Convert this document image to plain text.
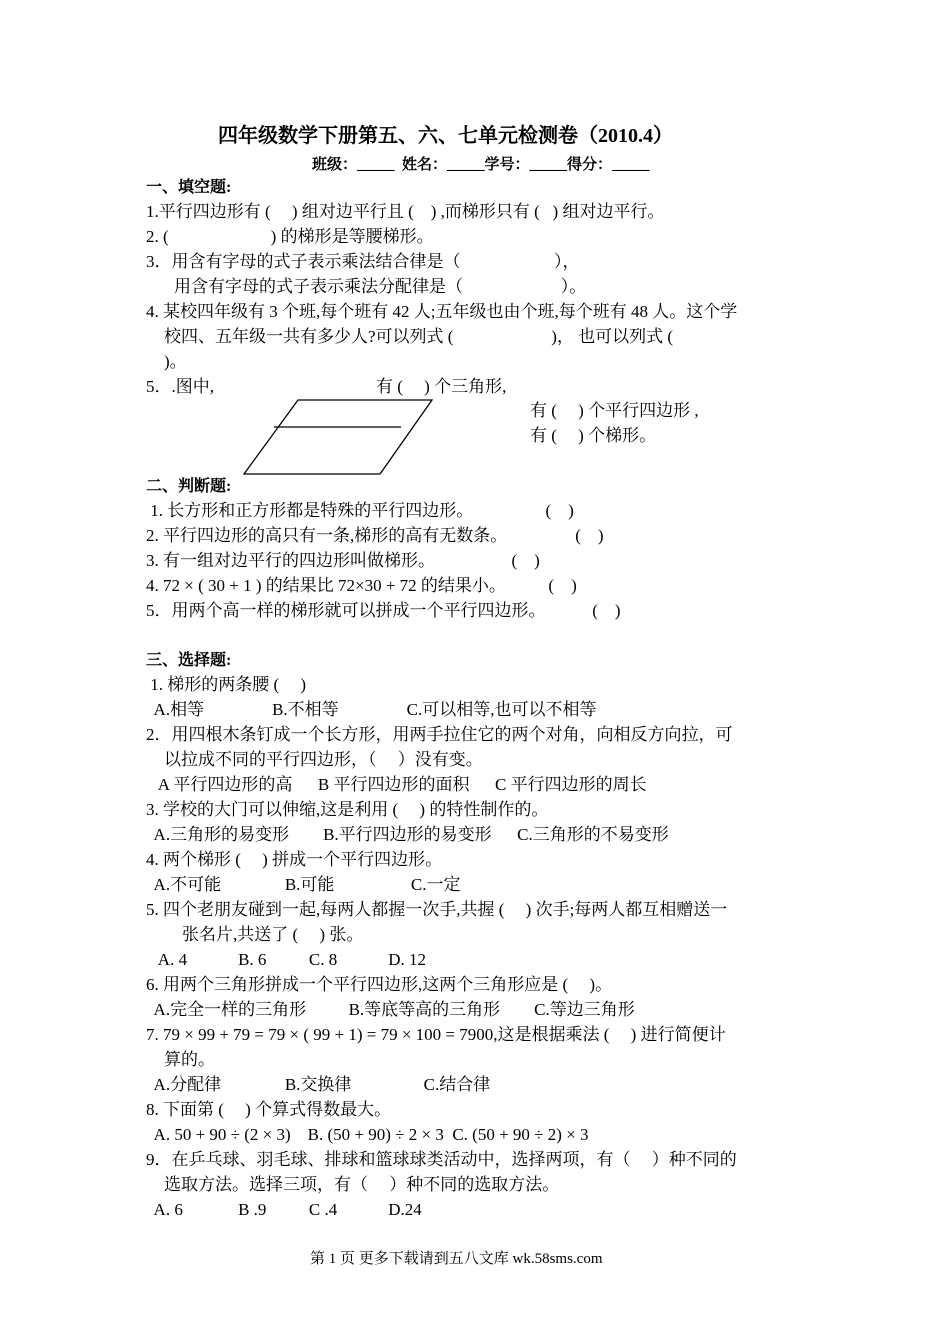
四年级数学下册第五、六、七单元检测卷（2010.4）
班级：_____  姓名：_____学号：_____得分：_____
一、填空题:
1.平行四边形有 (     ) 组对边平行且 (    ) ,而梯形只有 (   ) 组对边平行。
2. (                        ) 的梯形是等腰梯形。
3．用含有字母的式子表示乘法结合律是（                      ），
用含有字母的式子表示乘法分配律是（                       ）。
4. 某校四年级有 3 个班,每个班有 42 人;五年级也由个班,每个班有 48 人。这个学
校四、五年级一共有多少人?可以列式 (                       )， 也可以列式 (
)。
5．.图中,	有 (     ) 个三角形,
有 (     ) 个平行四边形 ,
有 (     ) 个梯形。
二、判断题:
1. 长方形和正方形都是特殊的平行四边形。                 (    )
2. 平行四边形的高只有一条,梯形的高有无数条。                (    )
3. 有一组对边平行的四边形叫做梯形。                  (    )
4. 72 × ( 30 + 1 ) 的结果比 72×30 + 72 的结果小。          (    )
5．用两个高一样的梯形就可以拼成一个平行四边形。           (    )
三、选择题:
1. 梯形的两条腰 (     )
A.相等                B.不相等                C.可以相等,也可以不相等
2．用四根木条钉成一个长方形，用两手拉住它的两个对角，向相反方向拉，可
以拉成不同的平行四边形，（     ）没有变。
A 平行四边形的高      B 平行四边形的面积      C 平行四边形的周长
3. 学校的大门可以伸缩,这是利用 (     ) 的特性制作的。
A.三角形的易变形        B.平行四边形的易变形      C.三角形的不易变形
4. 两个梯形 (     ) 拼成一个平行四边形。
A.不可能               B.可能                  C.一定
5. 四个老朋友碰到一起,每两人都握一次手,共握 (     ) 次手;每两人都互相赠送一
张名片,共送了 (     ) 张。
A. 4            B. 6          C. 8            D. 12
6. 用两个三角形拼成一个平行四边形,这两个三角形应是 (     )。
A.完全一样的三角形          B.等底等高的三角形        C.等边三角形
7. 79 × 99 + 79 = 79 × ( 99 + 1) = 79 × 100 = 7900,这是根据乘法 (     ) 进行简便计
算的。
A.分配律               B.交换律                 C.结合律
8. 下面第 (     ) 个算式得数最大。
A. 50 + 90 ÷ (2 × 3)    B. (50 + 90) ÷ 2 × 3  C. (50 + 90 ÷ 2) × 3
9．在乒乓球、羽毛球、排球和篮球球类活动中，选择两项，有（     ）种不同的
选取方法。选择三项，有（     ）种不同的选取方法。
A. 6             B .9          C .4            D.24
第 1 页 更多下载请到五八文库 wk.58sms.com
